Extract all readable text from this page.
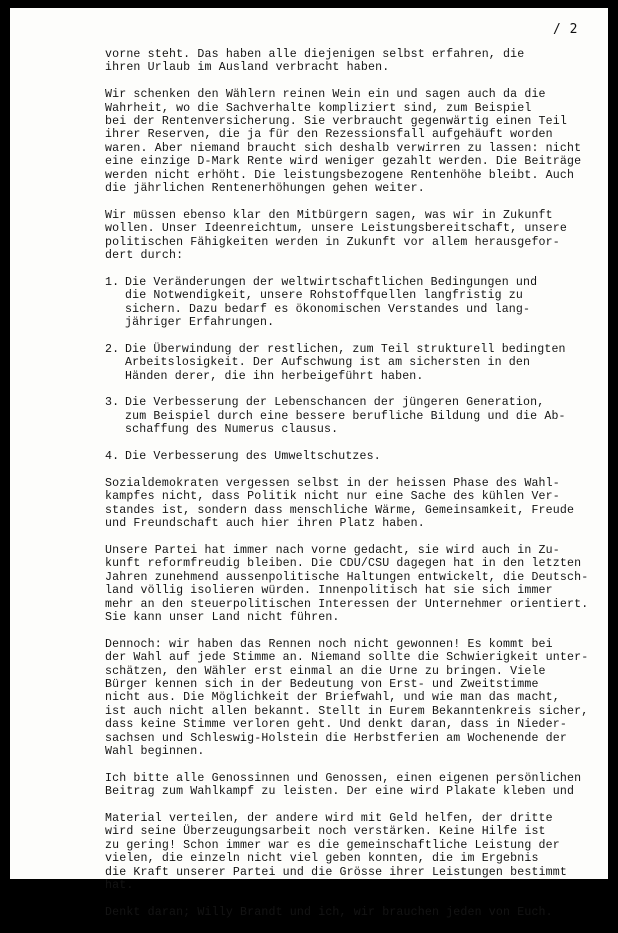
/ 2

vorne steht. Das haben alle diejenigen selbst erfahren, die
ihren Urlaub im Ausland verbracht haben.

Wir schenken den Wählern reinen Wein ein und sagen auch da die
Wahrheit, wo die Sachverhalte kompliziert sind, zum Beispiel
bei der Rentenversicherung. Sie verbraucht gegenwärtig einen Teil
ihrer Reserven, die ja für den Rezessionsfall aufgehäuft worden
waren. Aber niemand braucht sich deshalb verwirren zu lassen: nicht
eine einzige D-Mark Rente wird weniger gezahlt werden. Die Beiträge
werden nicht erhöht. Die leistungsbezogene Rentenhöhe bleibt. Auch
die jährlichen Rentenerhöhungen gehen weiter.

Wir müssen ebenso klar den Mitbürgern sagen, was wir in Zukunft
wollen. Unser Ideenreichtum, unsere Leistungsbereitschaft, unsere
politischen Fähigkeiten werden in Zukunft vor allem herausgefor-
dert durch:

1. Die Veränderungen der weltwirtschaftlichen Bedingungen und
die Notwendigkeit, unsere Rohstoffquellen langfristig zu
sichern. Dazu bedarf es ökonomischen Verstandes und lang-
jähriger Erfahrungen.
2. Die Überwindung der restlichen, zum Teil strukturell bedingten
Arbeitslosigkeit. Der Aufschwung ist am sichersten in den
Händen derer, die ihn herbeigeführt haben.
3. Die Verbesserung der Lebenschancen der jüngeren Generation,
zum Beispiel durch eine bessere berufliche Bildung und die Ab-
schaffung des Numerus clausus.
4. Die Verbesserung des Umweltschutzes.

Sozialdemokraten vergessen selbst in der heissen Phase des Wahl-
kampfes nicht, dass Politik nicht nur eine Sache des kühlen Ver-
standes ist, sondern dass menschliche Wärme, Gemeinsamkeit, Freude
und Freundschaft auch hier ihren Platz haben.

Unsere Partei hat immer nach vorne gedacht, sie wird auch in Zu-
kunft reformfreudig bleiben. Die CDU/CSU dagegen hat in den letzten
Jahren zunehmend aussenpolitische Haltungen entwickelt, die Deutsch-
land völlig isolieren würden. Innenpolitisch hat sie sich immer
mehr an den steuerpolitischen Interessen der Unternehmer orientiert.
Sie kann unser Land nicht führen.

Dennoch: wir haben das Rennen noch nicht gewonnen! Es kommt bei
der Wahl auf jede Stimme an. Niemand sollte die Schwierigkeit unter-
schätzen, den Wähler erst einmal an die Urne zu bringen. Viele
Bürger kennen sich in der Bedeutung von Erst- und Zweitstimme
nicht aus. Die Möglichkeit der Briefwahl, und wie man das macht,
ist auch nicht allen bekannt. Stellt in Eurem Bekanntenkreis sicher,
dass keine Stimme verloren geht. Und denkt daran, dass in Nieder-
sachsen und Schleswig-Holstein die Herbstferien am Wochenende der
Wahl beginnen.

Ich bitte alle Genossinnen und Genossen, einen eigenen persönlichen
Beitrag zum Wahlkampf zu leisten. Der eine wird Plakate kleben und

Material verteilen, der andere wird mit Geld helfen, der dritte
wird seine Überzeugungsarbeit noch verstärken. Keine Hilfe ist
zu gering! Schon immer war es die gemeinschaftliche Leistung der
vielen, die einzeln nicht viel geben konnten, die im Ergebnis
die Kraft unserer Partei und die Grösse ihrer Leistungen bestimmt
hat.

Denkt daran; Willy Brandt und ich, wir brauchen jeden von Euch.
